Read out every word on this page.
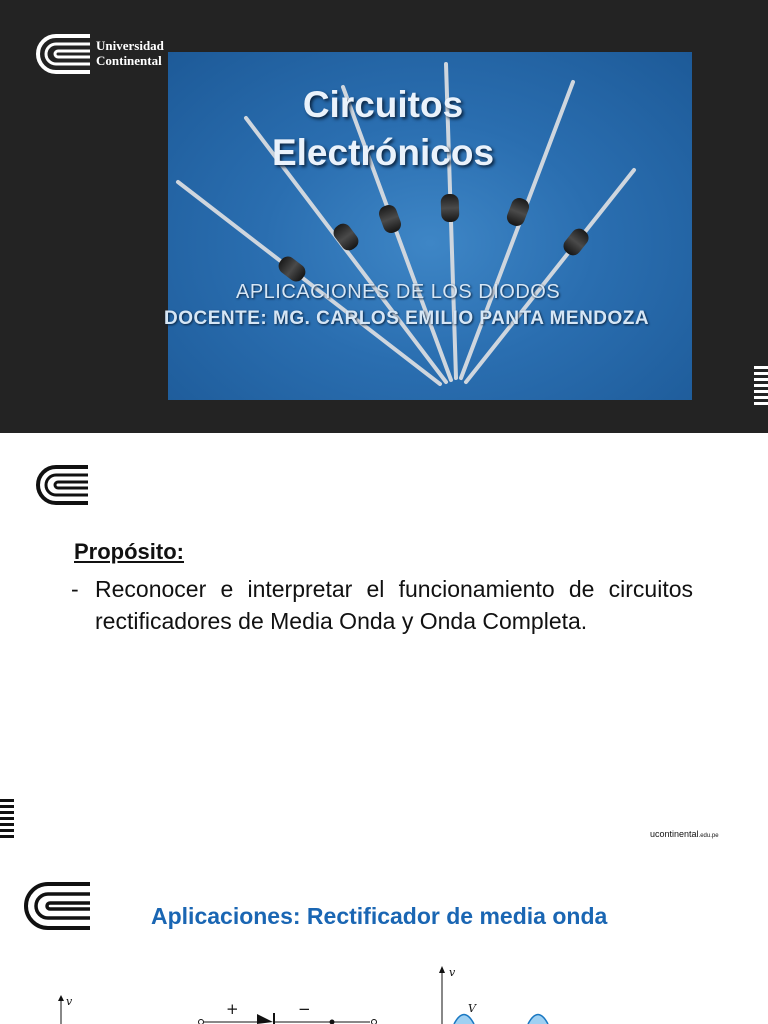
Universidad
Continental
Circuitos
Electrónicos
APLICACIONES DE LOS DIODOS
DOCENTE: MG. CARLOS EMILIO PANTA MENDOZA
Propósito:
- Reconocer e interpretar el funcionamiento de circuitos rectificadores de Media Onda y Onda Completa.
ucontinental.edu.pe
Aplicaciones: Rectificador de media onda
v	+	−
v
V
